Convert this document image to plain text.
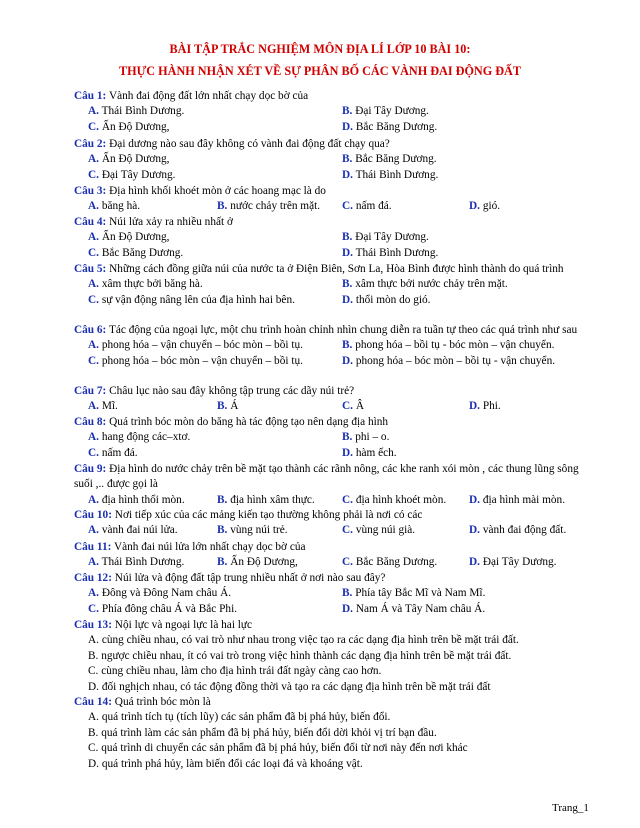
BÀI TẬP TRẮC NGHIỆM MÔN ĐỊA LÍ LỚP 10 BÀI 10:
THỰC HÀNH NHẬN XÉT VỀ SỰ PHÂN BỐ CÁC VÀNH ĐAI ĐỘNG ĐẤT

Câu 1: Vành đai động đất lớn nhất chạy dọc bờ của

A. Thái Bình Dương.	B. Đại Tây Dương.
C. Ấn Độ Dương,	D. Bắc Băng Dương.

Câu 2: Đại dương nào sau đây không có vành đai động đất chạy qua?

A. Ấn Độ Dương,	B. Bắc Băng Dương.
C. Đại Tây Dương.	D. Thái Bình Dương.

Câu 3: Địa hình khối khoét mòn ở các hoang mạc là do

A. băng hà.	B. nước chảy trên mặt. C. nấm đá.	D. gió.

Câu 4: Núi lửa xảy ra nhiều nhất ở

A. Ấn Độ Dương,	B. Đại Tây Dương.
C. Bắc Băng Dương.	D. Thái Bình Dương.

Câu 5: Những cách đồng giữa núi của nước ta ở Điện Biên, Sơn La, Hòa Bình được hình thành do quá trình

A. xâm thực bởi băng hà.	B. xâm thực bởi nước chảy trên mặt.
C. sự vận động nâng lên của địa hình hai bên.	D. thổi mòn do gió.

Câu 6: Tác động của ngoại lực, một chu trình hoàn chỉnh nhìn chung diễn ra tuần tự theo các quá trình như sau

A. phong hóa – vận chuyển – bóc mòn – bồi tụ.	B. phong hóa – bồi tụ - bóc mòn – vận chuyển.
C. phong hóa – bóc mòn – vận chuyển – bồi tụ.	D. phong hóa – bóc mòn – bồi tụ - vận chuyển.

Câu 7: Châu lục nào sau đây không tập trung các dãy núi trẻ?

A. Mĩ.	B. Á	C. Â	D. Phi.

Câu 8: Quá trình bóc mòn do băng hà tác động tạo nên dạng địa hình

A. hang động các–xtơ.	B. phi – o.
C. nấm đá.	D. hàm ếch.

Câu 9: Địa hình do nước chảy trên bề mặt tạo thành các rãnh nông, các khe ranh xói mòn , các thung lũng sông suối ,.. được gọi là

A. địa hình thổi mòn.	B. địa hình xâm thực. C. địa hình khoét mòn. D. địa hình mài mòn.

Câu 10: Nơi tiếp xúc của các mảng kiến tạo thường không phải là nơi có các

A. vành đai núi lửa.	B. vùng núi trẻ.	C. vùng núi già.	D. vành đai động đất.

Câu 11: Vành đai núi lửa lớn nhất chạy dọc bờ của

A. Thái Bình Dương.	B. Ấn Độ Dương,	C. Bắc Băng Dương.	D. Đại Tây Dương.

Câu 12: Núi lửa và động đất tập trung nhiều nhất ở nơi nào sau đây?

A. Đông và Đông Nam châu Á.	B. Phía tây Bắc Mĩ và Nam Mĩ.
C. Phía đông châu Á và Bắc Phi.	D. Nam Á và Tây Nam châu Á.

Câu 13: Nội lực và ngoại lực là hai lực

A. cùng chiều nhau, có vai trò như nhau trong việc tạo ra các dạng địa hình trên bề mặt trái đất.
B. ngược chiều nhau, ít có vai trò trong việc hình thành các dạng địa hình trên bề mặt trái đất.
C. cùng chiều nhau, làm cho địa hình trái đất ngày càng cao hơn.
D. đối nghịch nhau, có tác động đồng thời và tạo ra các dạng địa hình trên bề mặt trái đất

Câu 14: Quá trình bóc mòn là

A. quá trình tích tụ (tích lũy) các sản phẩm đã bị phá hủy, biến đổi.
B. quá trình làm các sản phẩm đã bị phá hủy, biến đổi dời khỏi vị trí bạn đầu.
C. quá trình di chuyển các sản phẩm đã bị phá hủy, biến đổi từ nơi này đến nơi khác
D. quá trình phá hủy, làm biến đổi các loại đá và khoáng vật.
Trang_1
